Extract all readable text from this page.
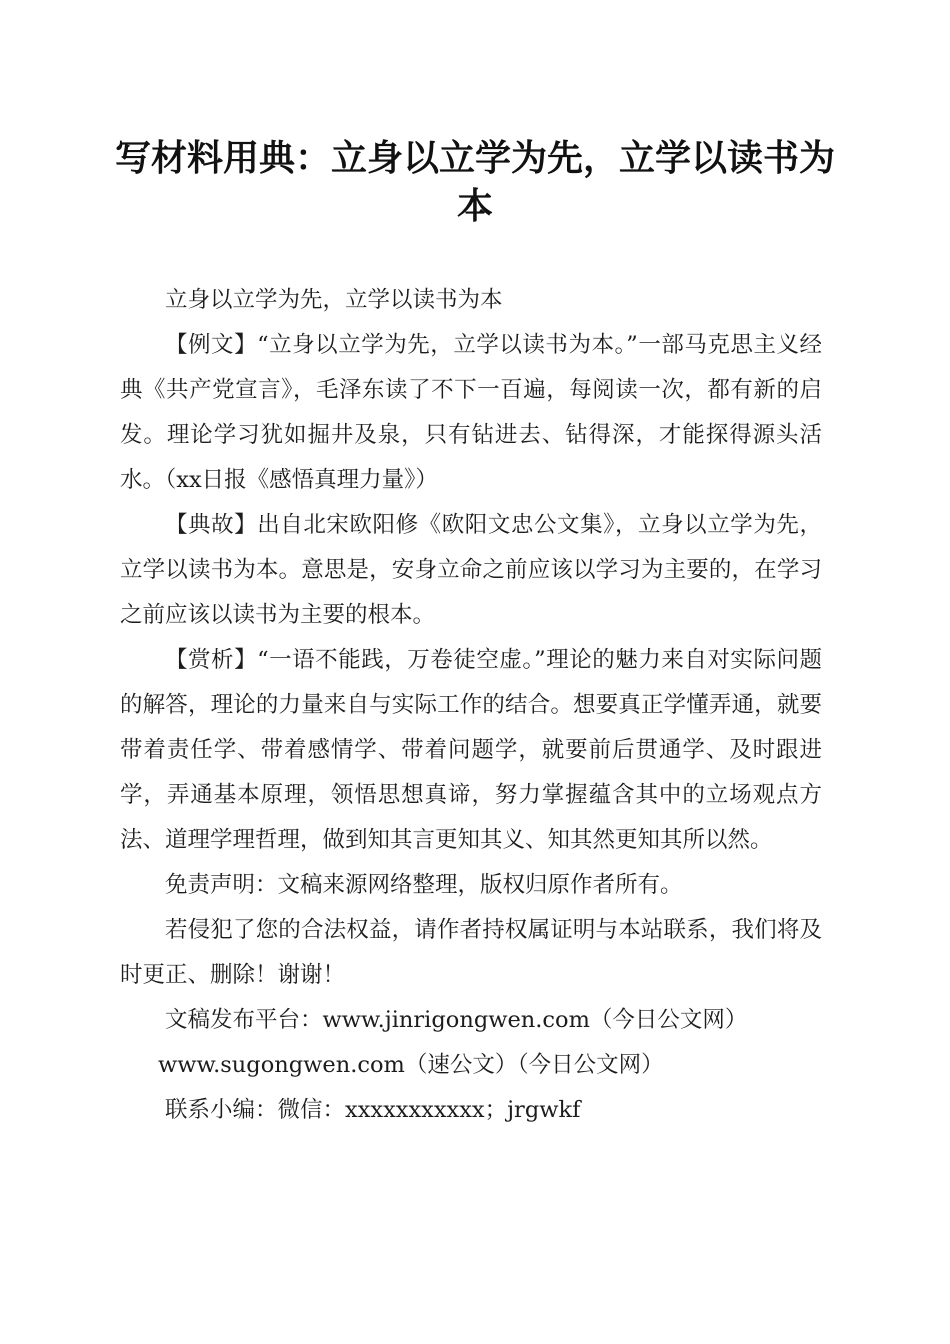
写材料用典：立身以立学为先，立学以读书为本

立身以立学为先，立学以读书为本

【例文】“立身以立学为先，立学以读书为本。”一部马克思主义经典《共产党宣言》，毛泽东读了不下一百遍，每阅读一次，都有新的启发。理论学习犹如掘井及泉，只有钻进去、钻得深，才能探得源头活水。（xx日报《感悟真理力量》）

【典故】出自北宋欧阳修《欧阳文忠公文集》，立身以立学为先，立学以读书为本。意思是，安身立命之前应该以学习为主要的，在学习之前应该以读书为主要的根本。

【赏析】“一语不能践，万卷徒空虚。”理论的魅力来自对实际问题的解答，理论的力量来自与实际工作的结合。想要真正学懂弄通，就要带着责任学、带着感情学、带着问题学，就要前后贯通学、及时跟进学，弄通基本原理，领悟思想真谛，努力掌握蕴含其中的立场观点方法、道理学理哲理，做到知其言更知其义、知其然更知其所以然。

免责声明：文稿来源网络整理，版权归原作者所有。

若侵犯了您的合法权益，请作者持权属证明与本站联系，我们将及时更正、删除！谢谢！

文稿发布平台：www.jinrigongwen.com（今日公文网）

www.sugongwen.com（速公文）（今日公文网）

联系小编：微信：xxxxxxxxxxx；jrgwkf
